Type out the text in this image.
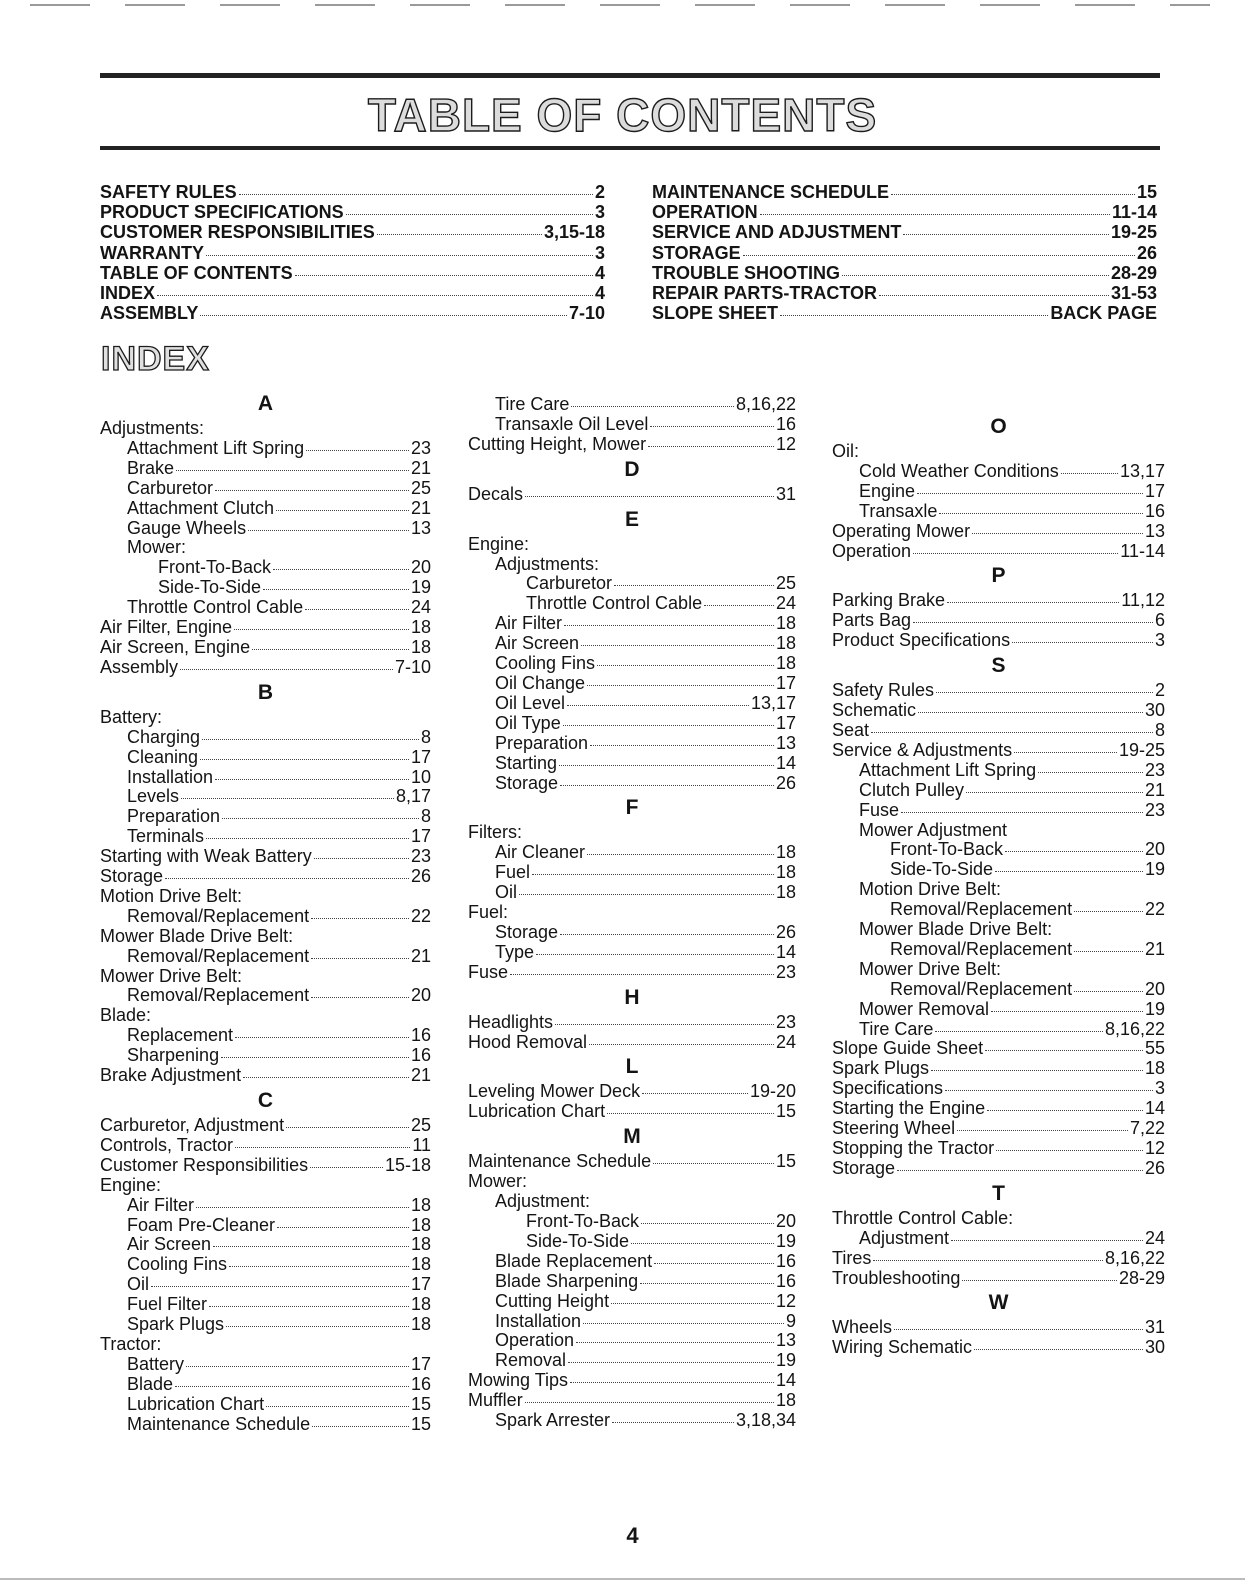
TABLE OF CONTENTS
SAFETY RULES	2
PRODUCT SPECIFICATIONS	3
CUSTOMER RESPONSIBILITIES	3,15-18
WARRANTY	3
TABLE OF CONTENTS	4
INDEX	4
ASSEMBLY	7-10
MAINTENANCE SCHEDULE	15
OPERATION	11-14
SERVICE AND ADJUSTMENT	19-25
STORAGE	26
TROUBLE SHOOTING	28-29
REPAIR PARTS-TRACTOR	31-53
SLOPE SHEET	BACK PAGE
INDEX
A
Adjustments:
Attachment Lift Spring	23
Brake	21
Carburetor	25
Attachment Clutch	21
Gauge Wheels	13
Mower:
Front-To-Back	20
Side-To-Side	19
Throttle Control Cable	24
Air Filter, Engine	18
Air Screen, Engine	18
Assembly	7-10
B
Battery:
Charging	8
Cleaning	17
Installation	10
Levels	8,17
Preparation	8
Terminals	17
Starting with Weak Battery	23
Storage	26
Motion Drive Belt:
Removal/Replacement	22
Mower Blade Drive Belt:
Removal/Replacement	21
Mower Drive Belt:
Removal/Replacement	20
Blade:
Replacement	16
Sharpening	16
Brake Adjustment	21
C
Carburetor, Adjustment	25
Controls, Tractor	11
Customer Responsibilities	15-18
Engine:
Air Filter	18
Foam Pre-Cleaner	18
Air Screen	18
Cooling Fins	18
Oil	17
Fuel Filter	18
Spark Plugs	18
Tractor:
Battery	17
Blade	16
Lubrication Chart	15
Maintenance Schedule	15
Tire Care	8,16,22
Transaxle Oil Level	16
Cutting Height, Mower	12
D
Decals	31
E
Engine:
Adjustments:
Carburetor	25
Throttle Control Cable	24
Air Filter	18
Air Screen	18
Cooling Fins	18
Oil Change	17
Oil Level	13,17
Oil Type	17
Preparation	13
Starting	14
Storage	26
F
Filters:
Air Cleaner	18
Fuel	18
Oil	18
Fuel:
Storage	26
Type	14
Fuse	23
H
Headlights	23
Hood Removal	24
L
Leveling Mower Deck	19-20
Lubrication Chart	15
M
Maintenance Schedule	15
Mower:
Adjustment:
Front-To-Back	20
Side-To-Side	19
Blade Replacement	16
Blade Sharpening	16
Cutting Height	12
Installation	9
Operation	13
Removal	19
Mowing Tips	14
Muffler	18
Spark Arrester	3,18,34
O
Oil:
Cold Weather Conditions	13,17
Engine	17
Transaxle	16
Operating Mower	13
Operation	11-14
P
Parking Brake	11,12
Parts Bag	6
Product Specifications	3
S
Safety Rules	2
Schematic	30
Seat	8
Service & Adjustments	19-25
Attachment Lift Spring	23
Clutch Pulley	21
Fuse	23
Mower Adjustment
Front-To-Back	20
Side-To-Side	19
Motion Drive Belt:
Removal/Replacement	22
Mower Blade Drive Belt:
Removal/Replacement	21
Mower Drive Belt:
Removal/Replacement	20
Mower Removal	19
Tire Care	8,16,22
Slope Guide Sheet	55
Spark Plugs	18
Specifications	3
Starting the Engine	14
Steering Wheel	7,22
Stopping the Tractor	12
Storage	26
T
Throttle Control Cable:
Adjustment	24
Tires	8,16,22
Troubleshooting	28-29
W
Wheels	31
Wiring Schematic	30
4
